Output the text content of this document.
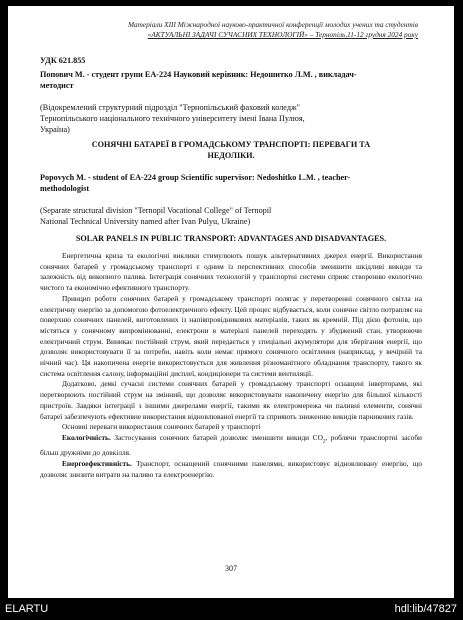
Матеріали XIII Міжнародної науково-практичної конференції молодих учених та студентів
«АКТУАЛЬНІ ЗАДАЧІ СУЧАСНИХ ТЕХНОЛОГІЙ» – Тернопіль,11-12 грудня 2024 року
УДК 621.855
Попович М. - студент групи ЕА-224 Науковий керівник: Недошитко Л.М. , викладач-
методист
(Відокремлений структурний підрозділ "Тернопільський фаховий коледж"
Тернопільського національного технічного університету імені Івана Пулюя,
Україна)
СОНЯЧНІ БАТАРЕЇ В ГРОМАДСЬКОМУ ТРАНСПОРТІ: ПЕРЕВАГИ ТА
НЕДОЛІКИ.
Popovych M. - student of EA-224 group Scientific supervisor: Nedoshitko L.M. , teacher-
methodologist
(Separate structural division "Ternopil Vocational College" of Ternopil
National Technical University named after Ivan Pulyu, Ukraine)
SOLAR PANELS IN PUBLIC TRANSPORT: ADVANTAGES AND DISADVANTAGES.

Енергетична криза та екологічні виклики стимулюють пошук альтернативних джерел енергії. Використання сонячних батарей у громадському транспорті є одним із перспективних способів зменшити шкідливі викиди та залежність від викопного палива. Інтеграція сонячних технологій у транспортні системи сприяє створенню екологічно чистого та економічно ефективного транспорту.

Принцип роботи сонячних батарей у громадському транспорті полягає у перетворенні сонячного світла на електричну енергію за допомогою фотоелектричного ефекту. Цей процес відбувається, коли сонячне світло потрапляє на поверхню сонячних панелей, виготовлених із напівпровідникових матеріалів, таких як кремній. Під дією фотонів, що містяться у сонячному випромінюванні, електрони в матеріалі панелей переходять у збуджений стан, утворюючи електричний струм. Виникає постійний струм, який передається у спеціальні акумулятори для зберігання енергії, що дозволяє використовувати її за потреби, навіть коли немає прямого сонячного освітлення (наприклад, у вечірній та нічний час). Ця накопичена енергія використовується для живлення різноманітного обладнання транспорту, такого як система освітлення салону, інформаційні дисплеї, кондиціонери та системи вентиляції.

Додатково, деякі сучасні системи сонячних батарей у громадському транспорті оснащені інверторами, які перетворюють постійний струм на змінний, що дозволяє використовувати накопичену енергію для більшої кількості пристроїв. Завдяки інтеграції з іншими джерелами енергії, такими як електромережа чи паливні елементи, сонячні батареї забезпечують ефективне використання відновлюваної енергії та сприяють зниженню викидів парникових газів.

Основні переваги використання сонячних батарей у транспорті

Екологічність. Застосування сонячних батарей дозволяє зменшити викиди $СО_2$, роблячи транспортні засоби більш дружніми до довкілля.

Енергоефективність. Транспорт, оснащений сонячними панелями, використовує відновлювану енергію, що дозволяє знизити витрати на паливо та електроенергію.

307
ELARTU	hdl:lib/47827
